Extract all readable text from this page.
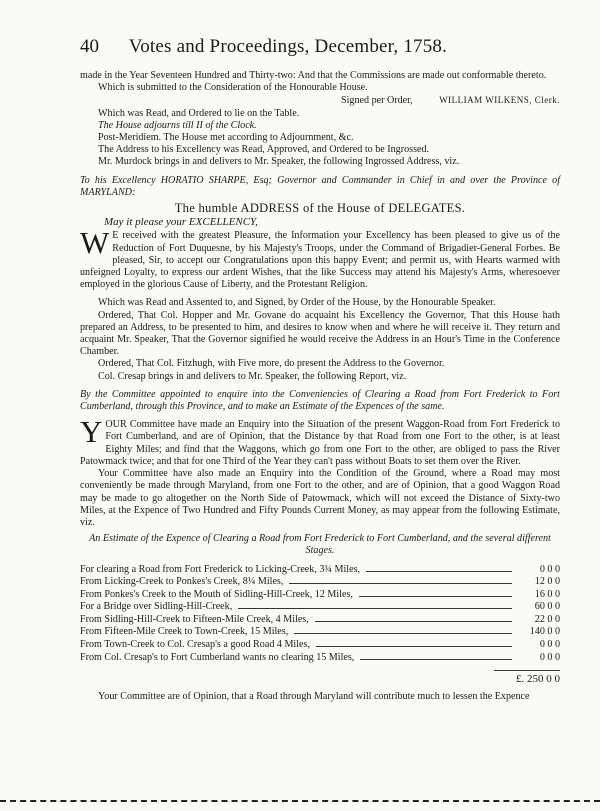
40 Votes and Proceedings, December, 1758.

made in the Year Seventeen Hundred and Thirty-two: And that the Commissions are made out conformable thereto.

Which is submitted to the Consideration of the Honourable House.

Signed per Order,	WILLIAM WILKENS, Clerk.

Which was Read, and Ordered to lie on the Table.

The House adjourns till II of the Clock.

Post-Meridiem. The House met according to Adjournment, &c.

The Address to his Excellency was Read, Approved, and Ordered to be Ingrossed.

Mr. Murdock brings in and delivers to Mr. Speaker, the following Ingrossed Address, viz.

To his Excellency HORATIO SHARPE, Esq; Governor and Commander in Chief in and over the Province of MARYLAND:

The humble ADDRESS of the House of DELEGATES.

May it please your EXCELLENCY,

W E received with the greatest Pleasure, the Information your Excellency has been pleased to give us of the Reduction of Fort Duquesne, by his Majesty's Troops, under the Command of Brigadier-General Forbes. Be pleased, Sir, to accept our Congratulations upon this happy Event; and permit us, with Hearts warmed with unfeigned Loyalty, to express our ardent Wishes, that the like Success may attend his Majesty's Arms, wheresoever employed in the glorious Cause of Liberty, and the Protestant Religion.

Which was Read and Assented to, and Signed, by Order of the House, by the Honourable Speaker.

Ordered, That Col. Hopper and Mr. Govane do acquaint his Excellency the Governor, That this House hath prepared an Address, to be presented to him, and desires to know when and where he will receive it. They return and acquaint Mr. Speaker, That the Governor signified he would receive the Address in an Hour's Time in the Conference Chamber.

Ordered, That Col. Fitzhugh, with Five more, do present the Address to the Governor.

Col. Cresap brings in and delivers to Mr. Speaker, the following Report, viz.

By the Committee appointed to enquire into the Conveniencies of Clearing a Road from Fort Frederick to Fort Cumberland, through this Province, and to make an Estimate of the Expences of the same.

YOUR Committee have made an Enquiry into the Situation of the present Waggon-Road from Fort Frederick to Fort Cumberland, and are of Opinion, that the Distance by that Road from one Fort to the other, is at least Eighty Miles; and find that the Waggons, which go from one Fort to the other, are obliged to pass the River Patowmack twice; and that for one Third of the Year they can't pass without Boats to set them over the River.

Your Committee have also made an Enquiry into the Condition of the Ground, where a Road may most conveniently be made through Maryland, from one Fort to the other, and are of Opinion, that a good Waggon Road may be made to go altogether on the North Side of Patowmack, which will not exceed the Distance of Sixty-two Miles, at the Expence of Two Hundred and Fifty Pounds Current Money, as may appear from the following Estimate, viz.

An Estimate of the Expence of Clearing a Road from Fort Frederick to Fort Cumberland, and the several different Stages.

For clearing a Road from Fort Frederick to Licking-Creek, 3¾ Miles,	0 0 0
From Licking-Creek to Ponkes's Creek, 8¼ Miles,	12 0 0
From Ponkes's Creek to the Mouth of Sidling-Hill-Creek, 12 Miles,	16 0 0
For a Bridge over Sidling-Hill-Creek,	60 0 0
From Sidling-Hill-Creek to Fifteen-Mile Creek, 4 Miles,	22 0 0
From Fifteen-Mile Creek to Town-Creek, 15 Miles,	140 0 0
From Town-Creek to Col. Cresap's a good Road 4 Miles,	0 0 0
From Col. Cresap's to Fort Cumberland wants no clearing 15 Miles,	0 0 0
£. 250 0 0

Your Committee are of Opinion, that a Road through Maryland will contribute much to lessen the Expence
